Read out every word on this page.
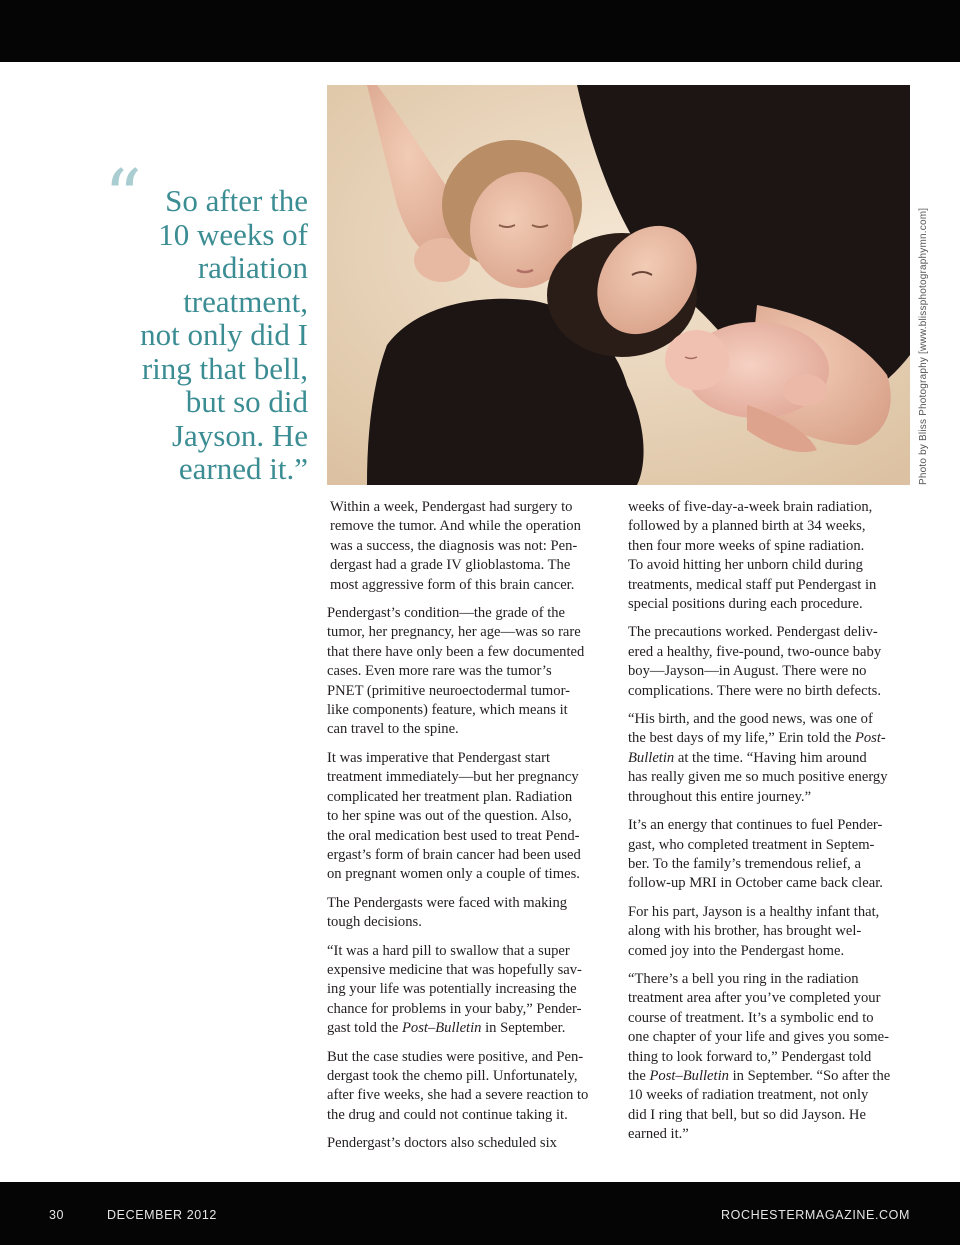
“ So after the
10 weeks of
radiation
treatment,
not only did I
ring that bell,
but so did
Jayson. He
earned it.”	Photo by Bliss Photography [www.blissphotographymn.com]

Within a week, Pendergast had surgery to
remove the tumor. And while the operation
was a success, the diagnosis was not: Pen-
dergast had a grade IV glioblastoma. The
most aggressive form of this brain cancer.

Pendergast’s condition—the grade of the
tumor, her pregnancy, her age—was so rare
that there have only been a few documented
cases. Even more rare was the tumor’s
PNET (primitive neuroectodermal tumor-
like components) feature, which means it
can travel to the spine.

It was imperative that Pendergast start
treatment immediately—but her pregnancy
complicated her treatment plan. Radiation
to her spine was out of the question. Also,
the oral medication best used to treat Pend-
ergast’s form of brain cancer had been used
on pregnant women only a couple of times.

The Pendergasts were faced with making
tough decisions.

“It was a hard pill to swallow that a super
expensive medicine that was hopefully sav-
ing your life was potentially increasing the
chance for problems in your baby,” Pender-
gast told the Post–Bulletin in September.

But the case studies were positive, and Pen-
dergast took the chemo pill. Unfortunately,
after five weeks, she had a severe reaction to
the drug and could not continue taking it.

Pendergast’s doctors also scheduled six

weeks of five-day-a-week brain radiation,
followed by a planned birth at 34 weeks,
then four more weeks of spine radiation.
To avoid hitting her unborn child during
treatments, medical staff put Pendergast in
special positions during each procedure.

The precautions worked. Pendergast deliv-
ered a healthy, five-pound, two-ounce baby
boy—Jayson—in August. There were no
complications. There were no birth defects.

“His birth, and the good news, was one of
the best days of my life,” Erin told the Post-
Bulletin at the time. “Having him around
has really given me so much positive energy
throughout this entire journey.”

It’s an energy that continues to fuel Pender-
gast, who completed treatment in Septem-
ber. To the family’s tremendous relief, a
follow-up MRI in October came back clear.

For his part, Jayson is a healthy infant that,
along with his brother, has brought wel-
comed joy into the Pendergast home.

“There’s a bell you ring in the radiation
treatment area after you’ve completed your
course of treatment. It’s a symbolic end to
one chapter of your life and gives you some-
thing to look forward to,” Pendergast told
the Post–Bulletin in September. “So after the
10 weeks of radiation treatment, not only
did I ring that bell, but so did Jayson. He
earned it.”

30	DECEMBER 2012	ROCHESTERMAGAZINE.COM
